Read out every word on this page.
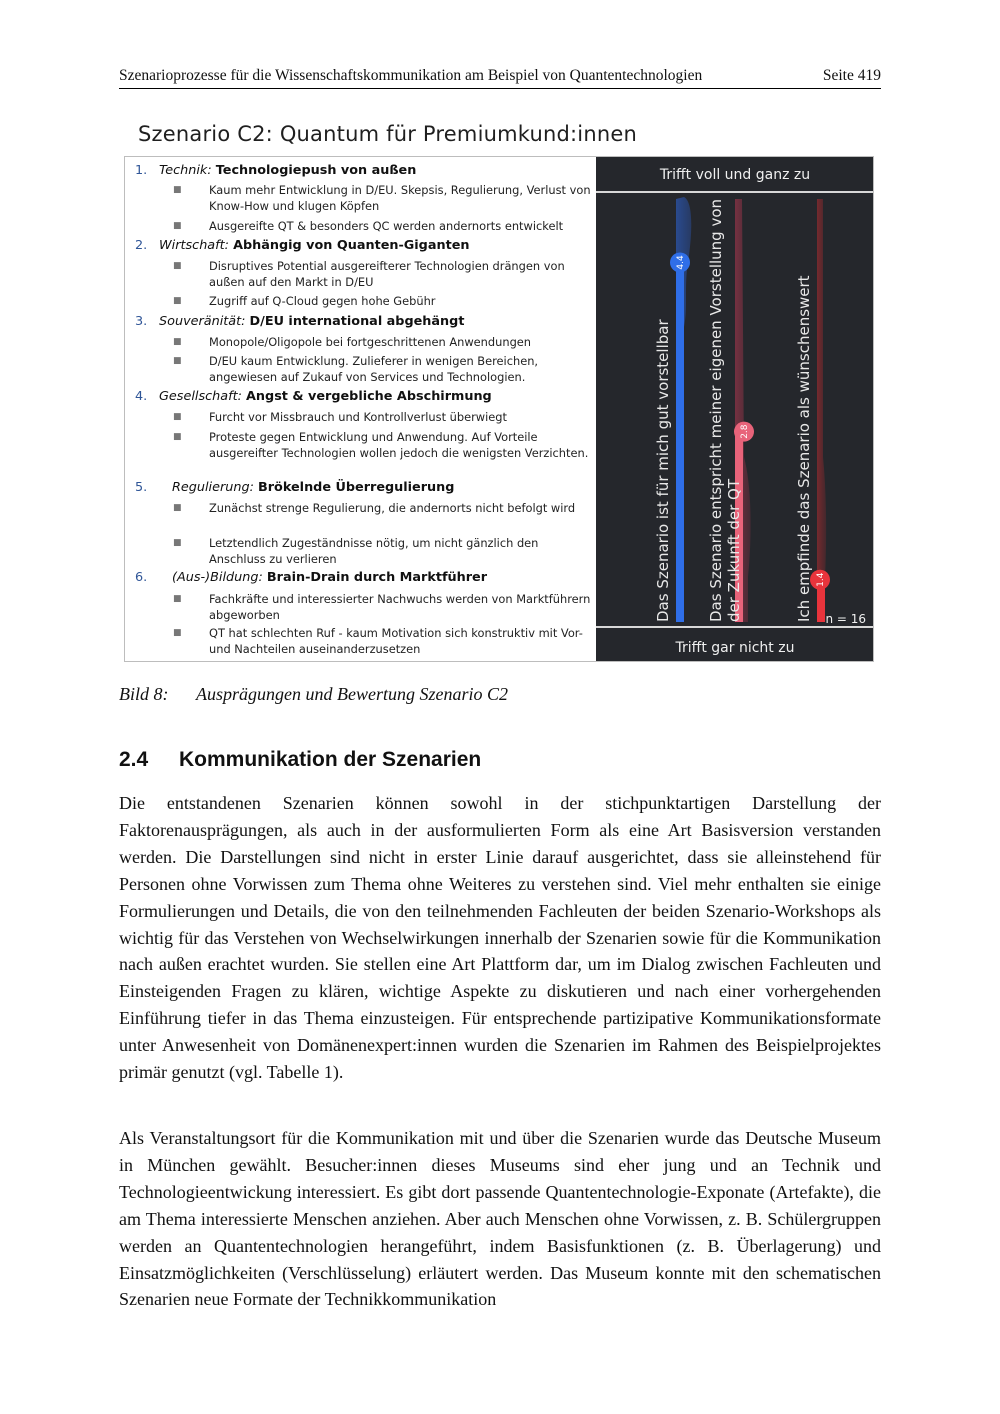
Szenarioprozesse für die Wissenschaftskommunikation am Beispiel von Quantentechnologien	Seite 419
Szenario C2: Quantum für Premiumkund:innen
1. Technik: Technologiepush von außen
■ Kaum mehr Entwicklung in D/EU. Skepsis, Regulierung, Verlust von Know-How und klugen Köpfen
■ Ausgereifte QT & besonders QC werden andernorts entwickelt
2. Wirtschaft: Abhängig von Quanten-Giganten
■ Disruptives Potential ausgereifterer Technologien drängen von außen auf den Markt in D/EU
■ Zugriff auf Q-Cloud gegen hohe Gebühr
3. Souveränität: D/EU international abgehängt
■ Monopole/Oligopole bei fortgeschrittenen Anwendungen
■ D/EU kaum Entwicklung. Zulieferer in wenigen Bereichen, angewiesen auf Zukauf von Services und Technologien.
4. Gesellschaft: Angst & vergebliche Abschirmung
■ Furcht vor Missbrauch und Kontrollverlust überwiegt
■ Proteste gegen Entwicklung und Anwendung. Auf Vorteile ausgereifter Technologien wollen jedoch die wenigsten Verzichten.
5. Regulierung: Brökelnde Überregulierung
■ Zunächst strenge Regulierung, die andernorts nicht befolgt wird
■ Letztendlich Zugeständnisse nötig, um nicht gänzlich den Anschluss zu verlieren
6. (Aus-)Bildung: Brain-Drain durch Marktführer
■ Fachkräfte und interessierter Nachwuchs werden von Marktführern abgeworben
■ QT hat schlechten Ruf - kaum Motivation sich konstruktiv mit Vor- und Nachteilen auseinanderzusetzen
Trifft voll und ganz zu
Trifft gar nicht zu
n = 16
4.4
2.8
1.4
Das Szenario ist für mich gut vorstellbar Das Szenario entspricht meiner eigenen Vorstellung von der Zukunft der QT	Ich empfinde das Szenario als wünschenswert
Bild 8: Ausprägungen und Bewertung Szenario C2
2.4 Kommunikation der Szenarien
Die entstandenen Szenarien können sowohl in der stichpunktartigen Darstellung der Faktorenausprägungen, als auch in der ausformulierten Form als eine Art Basisversion verstanden werden. Die Darstellungen sind nicht in erster Linie darauf ausgerichtet, dass sie alleinstehend für Personen ohne Vorwissen zum Thema ohne Weiteres zu verstehen sind. Viel mehr enthalten sie einige Formulierungen und Details, die von den teilnehmenden Fachleuten der beiden Szenario-Workshops als wichtig für das Verstehen von Wechselwirkungen innerhalb der Szenarien sowie für die Kommunikation nach außen erachtet wurden. Sie stellen eine Art Plattform dar, um im Dialog zwischen Fachleuten und Einsteigenden Fragen zu klären, wichtige Aspekte zu diskutieren und nach einer vorhergehenden Einführung tiefer in das Thema einzusteigen. Für entsprechende partizipative Kommunikationsformate unter Anwesenheit von Domänenexpert:innen wurden die Szenarien im Rahmen des Beispielprojektes primär genutzt (vgl. Tabelle 1).
Als Veranstaltungsort für die Kommunikation mit und über die Szenarien wurde das Deutsche Museum in München gewählt. Besucher:innen dieses Museums sind eher jung und an Technik und Technologieentwickung interessiert. Es gibt dort passende Quantentechnologie-Exponate (Artefakte), die am Thema interessierte Menschen anziehen. Aber auch Menschen ohne Vorwissen, z. B. Schülergruppen werden an Quantentechnologien herangeführt, indem Basisfunktionen (z. B. Überlagerung) und Einsatzmöglichkeiten (Verschlüsselung) erläutert werden. Das Museum konnte mit den schematischen Szenarien neue Formate der Technikkommunikation
